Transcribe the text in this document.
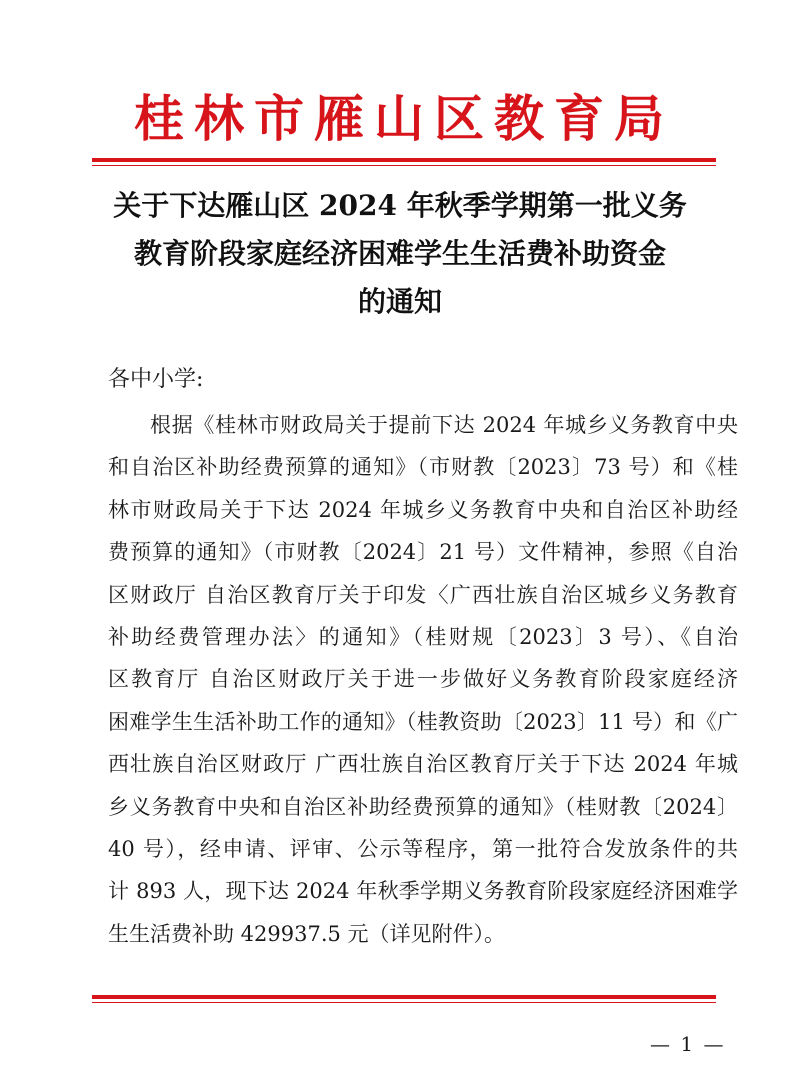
桂林市雁山区教育局
关于下达雁山区 2024 年秋季学期第一批义务
教育阶段家庭经济困难学生生活费补助资金
的通知
各中小学:
根据《桂林市财政局关于提前下达 2024 年城乡义务教育中央
和自治区补助经费预算的通知》（市财教〔2023〕73 号）和《桂
林市财政局关于下达 2024 年城乡义务教育中央和自治区补助经
费预算的通知》（市财教〔2024〕21 号）文件精神，参照《自治
区财政厅 自治区教育厅关于印发〈广西壮族自治区城乡义务教育
补助经费管理办法〉的通知》（桂财规〔2023〕3 号）、《自治
区教育厅 自治区财政厅关于进一步做好义务教育阶段家庭经济
困难学生生活补助工作的通知》（桂教资助〔2023〕11 号）和《广
西壮族自治区财政厅 广西壮族自治区教育厅关于下达 2024 年城
乡义务教育中央和自治区补助经费预算的通知》（桂财教〔2024〕
40 号），经申请、评审、公示等程序，第一批符合发放条件的共
计 893 人，现下达 2024 年秋季学期义务教育阶段家庭经济困难学
生生活费补助 429937.5 元（详见附件）。
— 1 —
